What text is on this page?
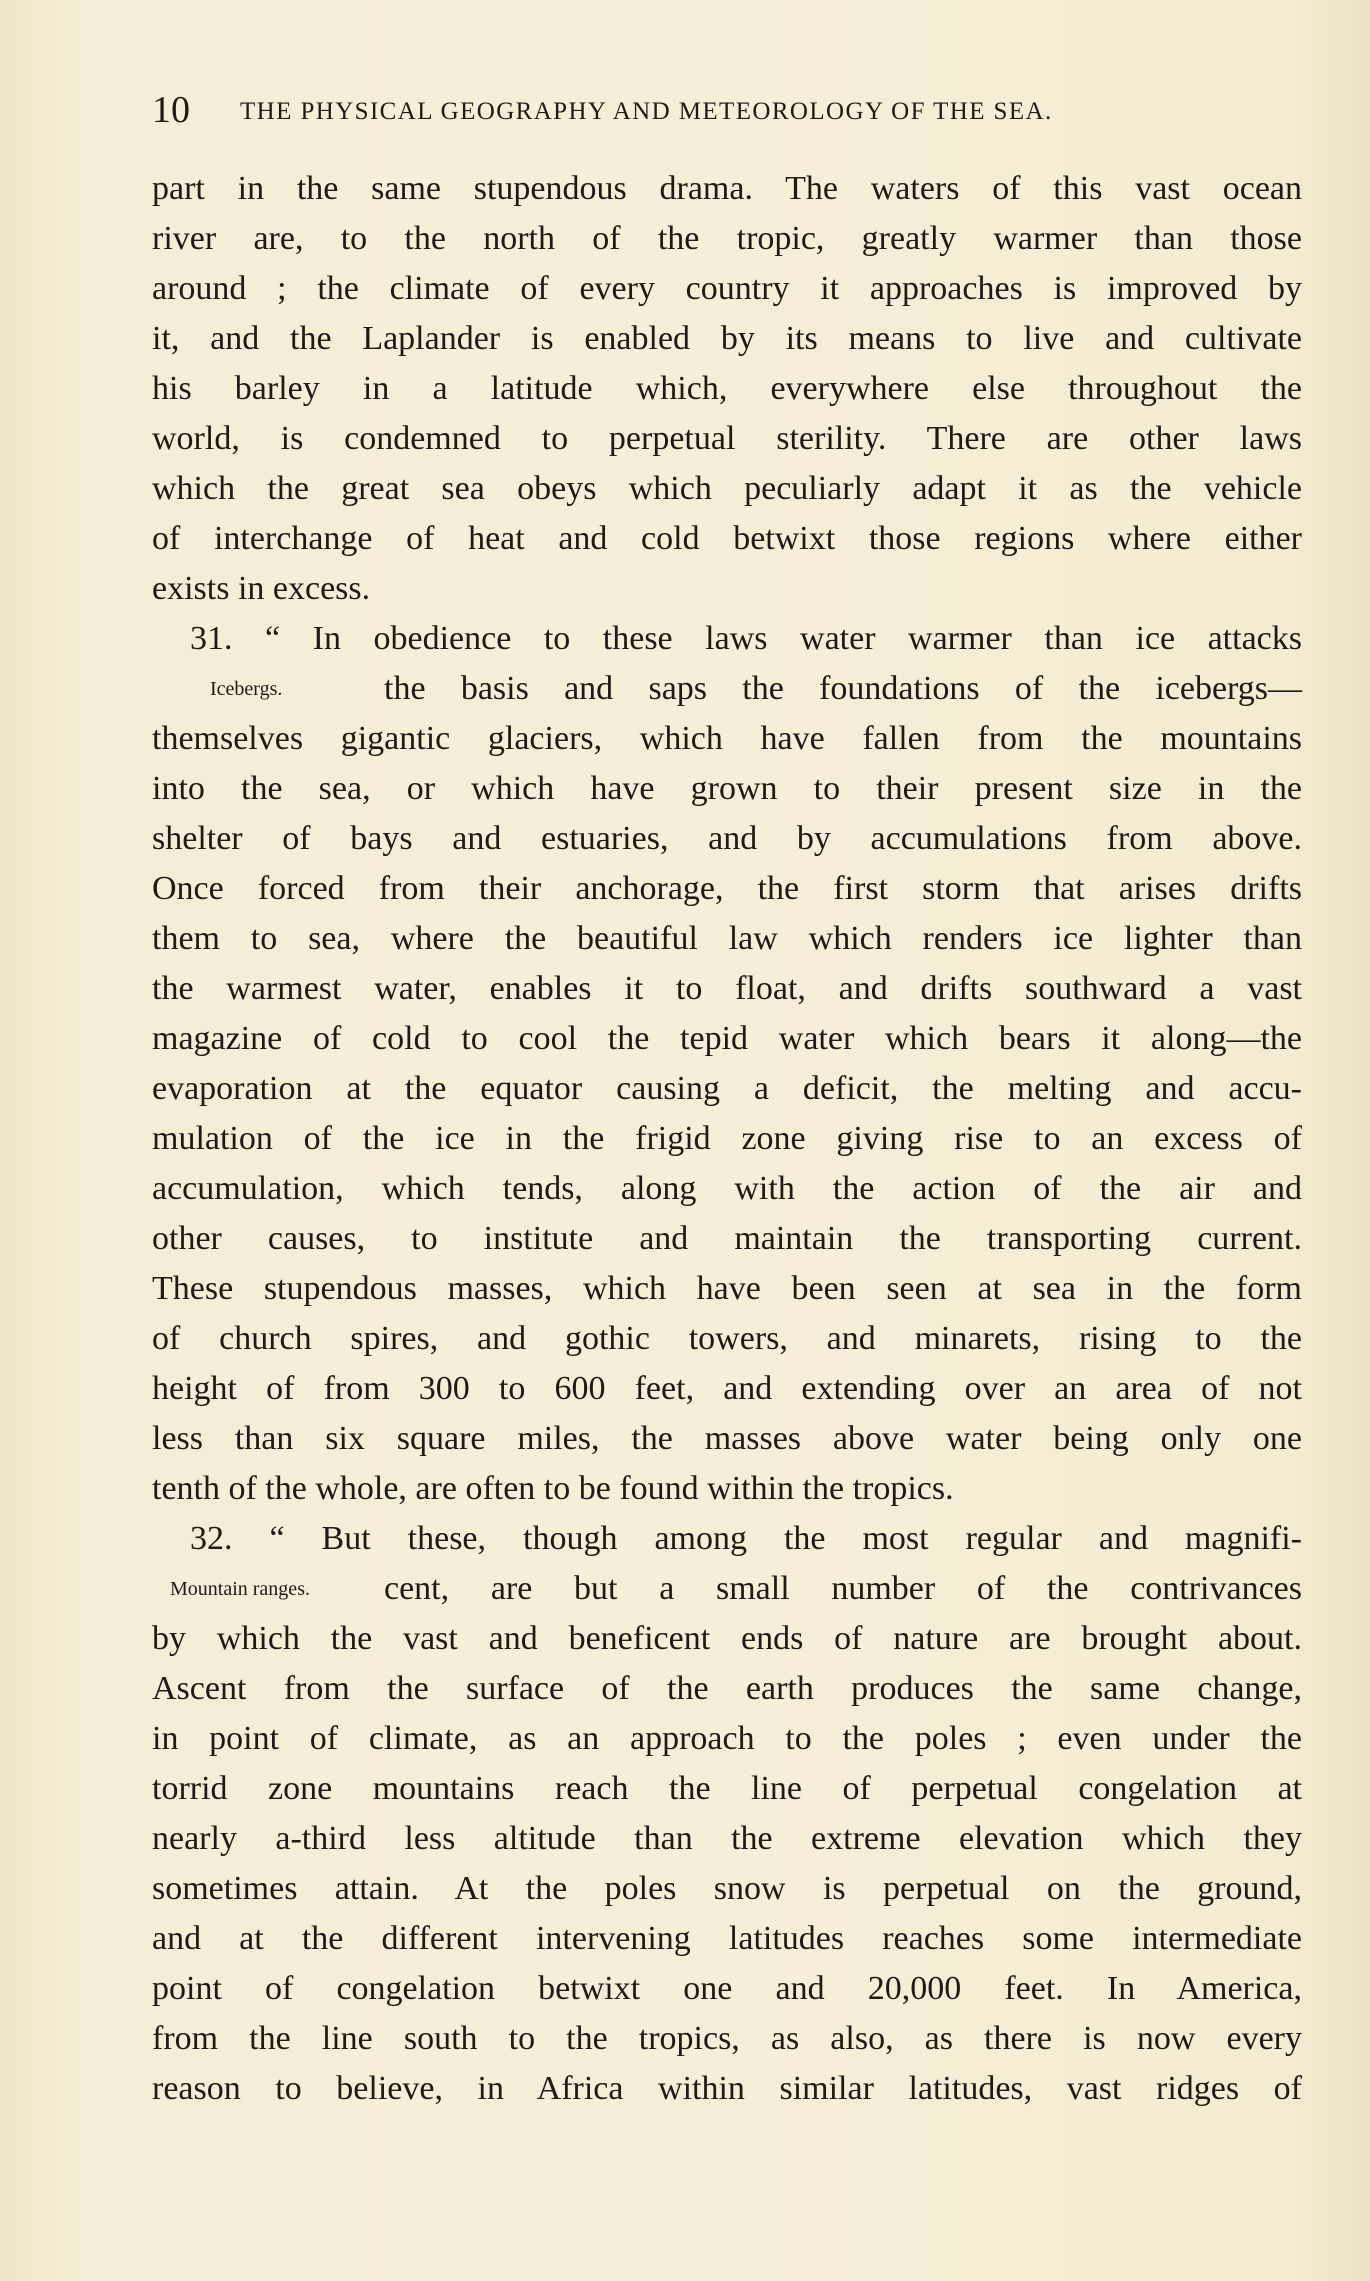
10 THE PHYSICAL GEOGRAPHY AND METEOROLOGY OF THE SEA.
part in the same stupendous drama. The waters of this vast ocean
river are, to the north of the tropic, greatly warmer than those
around ; the climate of every country it approaches is improved by
it, and the Laplander is enabled by its means to live and cultivate
his barley in a latitude which, everywhere else throughout the
world, is condemned to perpetual sterility. There are other laws
which the great sea obeys which peculiarly adapt it as the vehicle
of interchange of heat and cold betwixt those regions where either
exists in excess.
31. “ In obedience to these laws water warmer than ice attacks
Icebergs.	the basis and saps the foundations of the icebergs—
themselves gigantic glaciers, which have fallen from the mountains
into the sea, or which have grown to their present size in the
shelter of bays and estuaries, and by accumulations from above.
Once forced from their anchorage, the first storm that arises drifts
them to sea, where the beautiful law which renders ice lighter than
the warmest water, enables it to float, and drifts southward a vast
magazine of cold to cool the tepid water which bears it along—the
evaporation at the equator causing a deficit, the melting and accu-
mulation of the ice in the frigid zone giving rise to an excess of
accumulation, which tends, along with the action of the air and
other causes, to institute and maintain the transporting current.
These stupendous masses, which have been seen at sea in the form
of church spires, and gothic towers, and minarets, rising to the
height of from 300 to 600 feet, and extending over an area of not
less than six square miles, the masses above water being only one
tenth of the whole, are often to be found within the tropics.
32. “ But these, though among the most regular and magnifi-
Mountain ranges. cent, are but a small number of the contrivances
by which the vast and beneficent ends of nature are brought about.
Ascent from the surface of the earth produces the same change,
in point of climate, as an approach to the poles ; even under the
torrid zone mountains reach the line of perpetual congelation at
nearly a-third less altitude than the extreme elevation which they
sometimes attain. At the poles snow is perpetual on the ground,
and at the different intervening latitudes reaches some intermediate
point of congelation betwixt one and 20,000 feet. In America,
from the line south to the tropics, as also, as there is now every
reason to believe, in Africa within similar latitudes, vast ridges of
